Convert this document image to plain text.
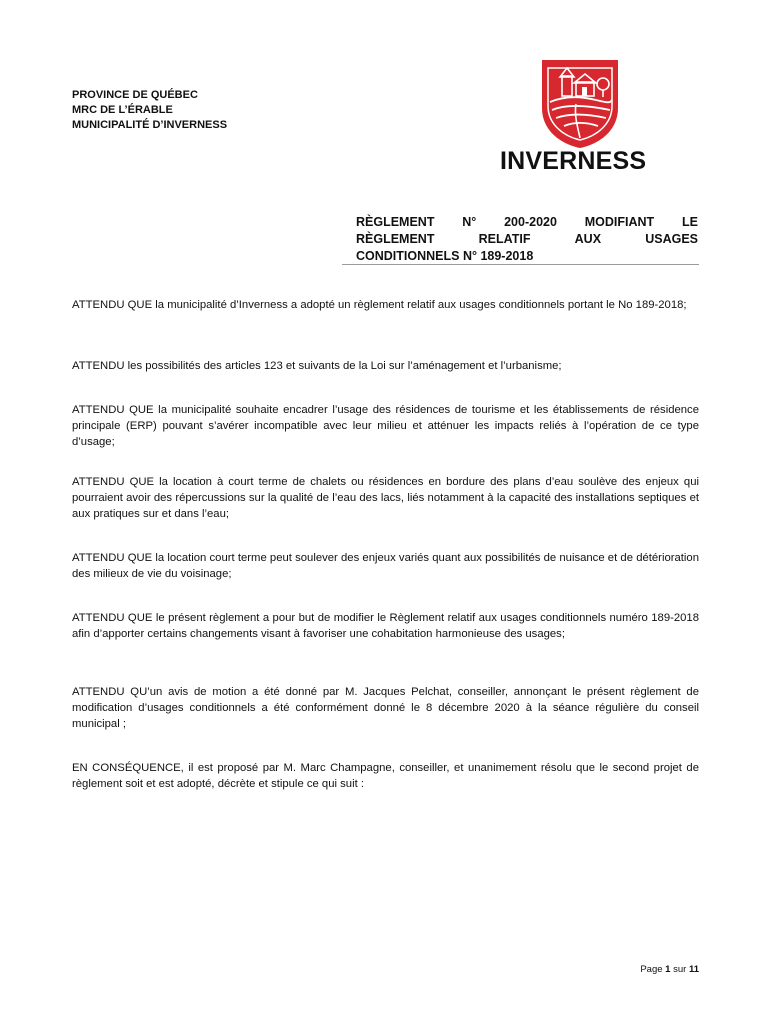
PROVINCE DE QUÉBEC
MRC DE L’ÉRABLE
MUNICIPALITÉ D’INVERNESS
INVERNESS
RÈGLEMENT N° 200-2020 MODIFIANT LE
RÈGLEMENT	RELATIF	AUX	USAGES
CONDITIONNELS N° 189-2018

ATTENDU QUE la municipalité d’Inverness a adopté un règlement relatif aux usages conditionnels portant le No 189-2018;

ATTENDU les possibilités des articles 123 et suivants de la Loi sur l’aménagement et l’urbanisme;

ATTENDU QUE la municipalité souhaite encadrer l’usage des résidences de tourisme et les établissements de résidence principale (ERP) pouvant s’avérer incompatible avec leur milieu et atténuer les impacts reliés à l’opération de ce type d’usage;

ATTENDU QUE la location à court terme de chalets ou résidences en bordure des plans d’eau soulève des enjeux qui pourraient avoir des répercussions sur la qualité de l’eau des lacs, liés notamment à la capacité des installations septiques et aux pratiques sur et dans l’eau;

ATTENDU QUE la location court terme peut soulever des enjeux variés quant aux possibilités de nuisance et de détérioration des milieux de vie du voisinage;

ATTENDU QUE le présent règlement a pour but de modifier le Règlement relatif aux usages conditionnels numéro 189-2018 afin d’apporter certains changements visant à favoriser une cohabitation harmonieuse des usages;

ATTENDU QU’un avis de motion a été donné par M. Jacques Pelchat, conseiller, annonçant le présent règlement de modification d’usages conditionnels a été conformément donné le 8 décembre 2020 à la séance régulière du conseil municipal ;

EN CONSÉQUENCE, il est proposé par M. Marc Champagne, conseiller, et unanimement résolu que le second projet de règlement soit et est adopté, décrète et stipule ce qui suit :

Page 1 sur 11
